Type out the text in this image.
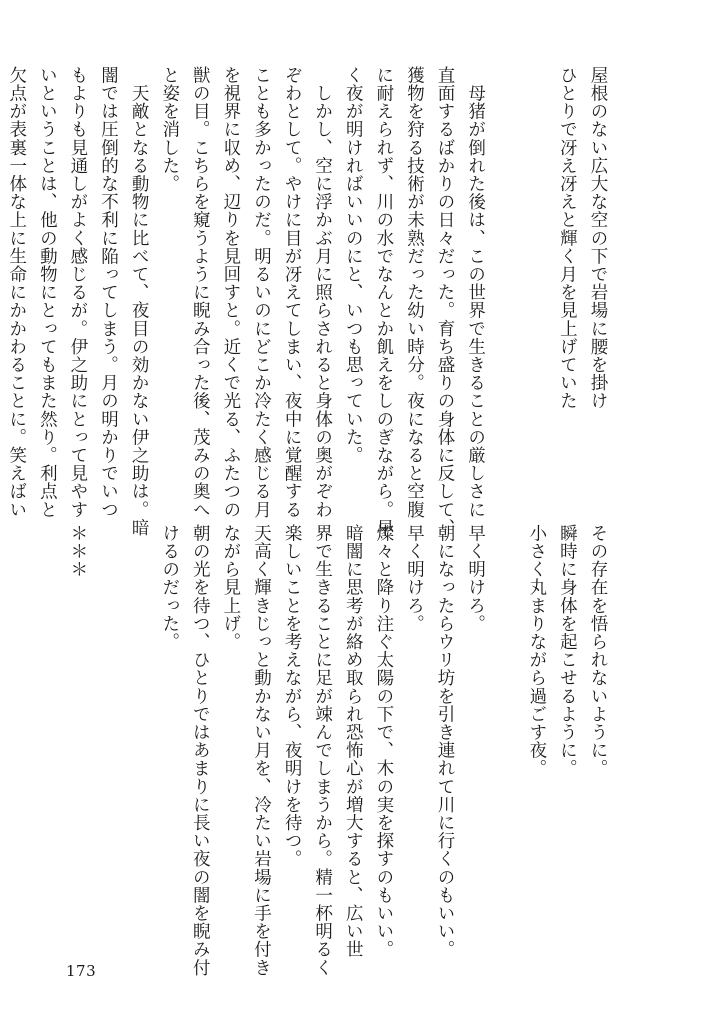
屋根のない広大な空の下で岩場に腰を掛け

ひとりで冴え冴えと輝く月を見上げていた

　母猪が倒れた後は、この世界で生きることの厳しさに

直面するばかりの日々だった。育ち盛りの身体に反して、

獲物を狩る技術が未熟だった幼い時分。夜になると空腹

に耐えられず、川の水でなんとか飢えをしのぎながら。早

く夜が明ければいいのにと、いつも思っていた。

　しかし、空に浮かぶ月に照らされると身体の奥がぞわ

ぞわとして。やけに目が冴えてしまい、夜中に覚醒する

ことも多かったのだ。明るいのにどこか冷たく感じる月

を視界に収め、辺りを見回すと。近くで光る、ふたつの

獣の目。こちらを窺うように睨み合った後、茂みの奥へ

と姿を消した。

　天敵となる動物に比べて、夜目の効かない伊之助は。暗

闇では圧倒的な不利に陥ってしまう。月の明かりでいつ

もよりも見通しがよく感じるが。伊之助にとって見やす

いということは、他の動物にとってもまた然り。利点と

欠点が表裏一体な上に生命にかかわることに。笑えばい

その存在を悟られないように。

瞬時に身体を起こせるように。

小さく丸まりながら過ごす夜。

早く明けろ。

朝になったらウリ坊を引き連れて川に行くのもいい。

早く明けろ。

燦々と降り注ぐ太陽の下で、木の実を探すのもいい。

暗闇に思考が絡め取られ恐怖心が増大すると、広い世

界で生きることに足が竦んでしまうから。精一杯明るく

楽しいことを考えながら、夜明けを待つ。

天高く輝きじっと動かない月を、冷たい岩場に手を付き

ながら見上げ。

朝の光を待つ、ひとりではあまりに長い夜の闇を睨み付

けるのだった。

＊＊＊

173
